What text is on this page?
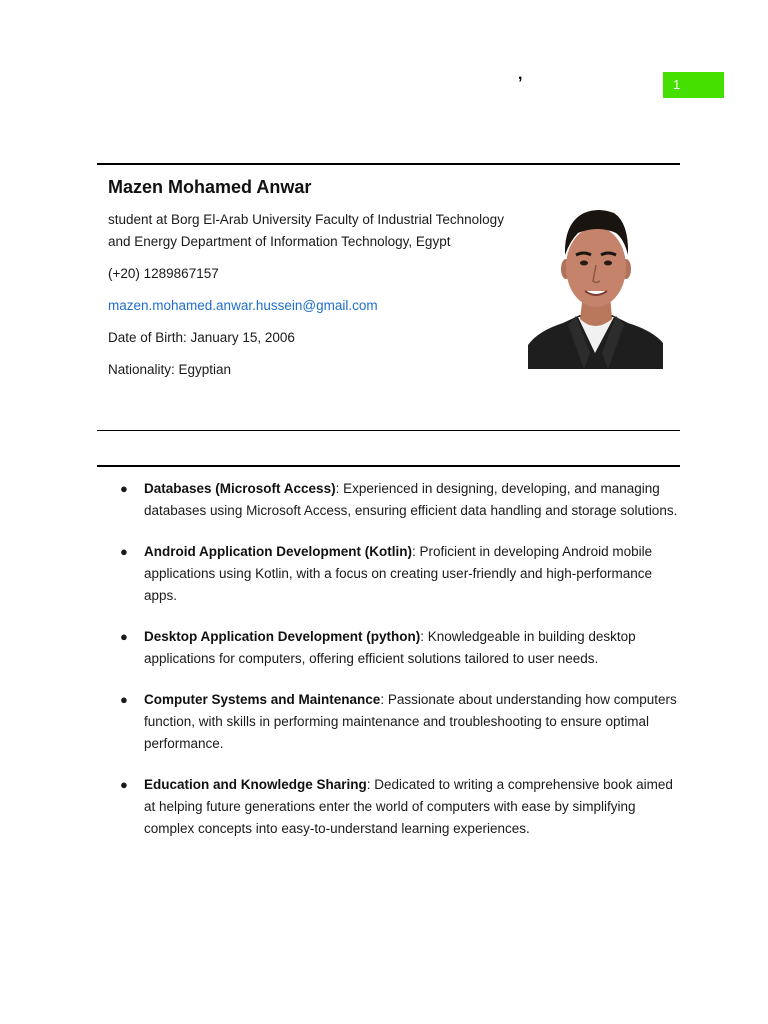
,
1
Mazen Mohamed Anwar

student at Borg El-Arab University Faculty of Industrial Technology

and Energy Department of Information Technology, Egypt

(+20) 1289867157

mazen.mohamed.anwar.hussein@gmail.com

Date of Birth: January 15, 2006

Nationality: Egyptian

● Databases (Microsoft Access): Experienced in designing, developing, and managing databases using Microsoft Access, ensuring efficient data handling and storage solutions.
● Android Application Development (Kotlin): Proficient in developing Android mobile applications using Kotlin, with a focus on creating user-friendly and high-performance apps.
● Desktop Application Development (python): Knowledgeable in building desktop applications for computers, offering efficient solutions tailored to user needs.
● Computer Systems and Maintenance: Passionate about understanding how computers function, with skills in performing maintenance and troubleshooting to ensure optimal performance.
● Education and Knowledge Sharing: Dedicated to writing a comprehensive book aimed at helping future generations enter the world of computers with ease by simplifying complex concepts into easy-to-understand learning experiences.
